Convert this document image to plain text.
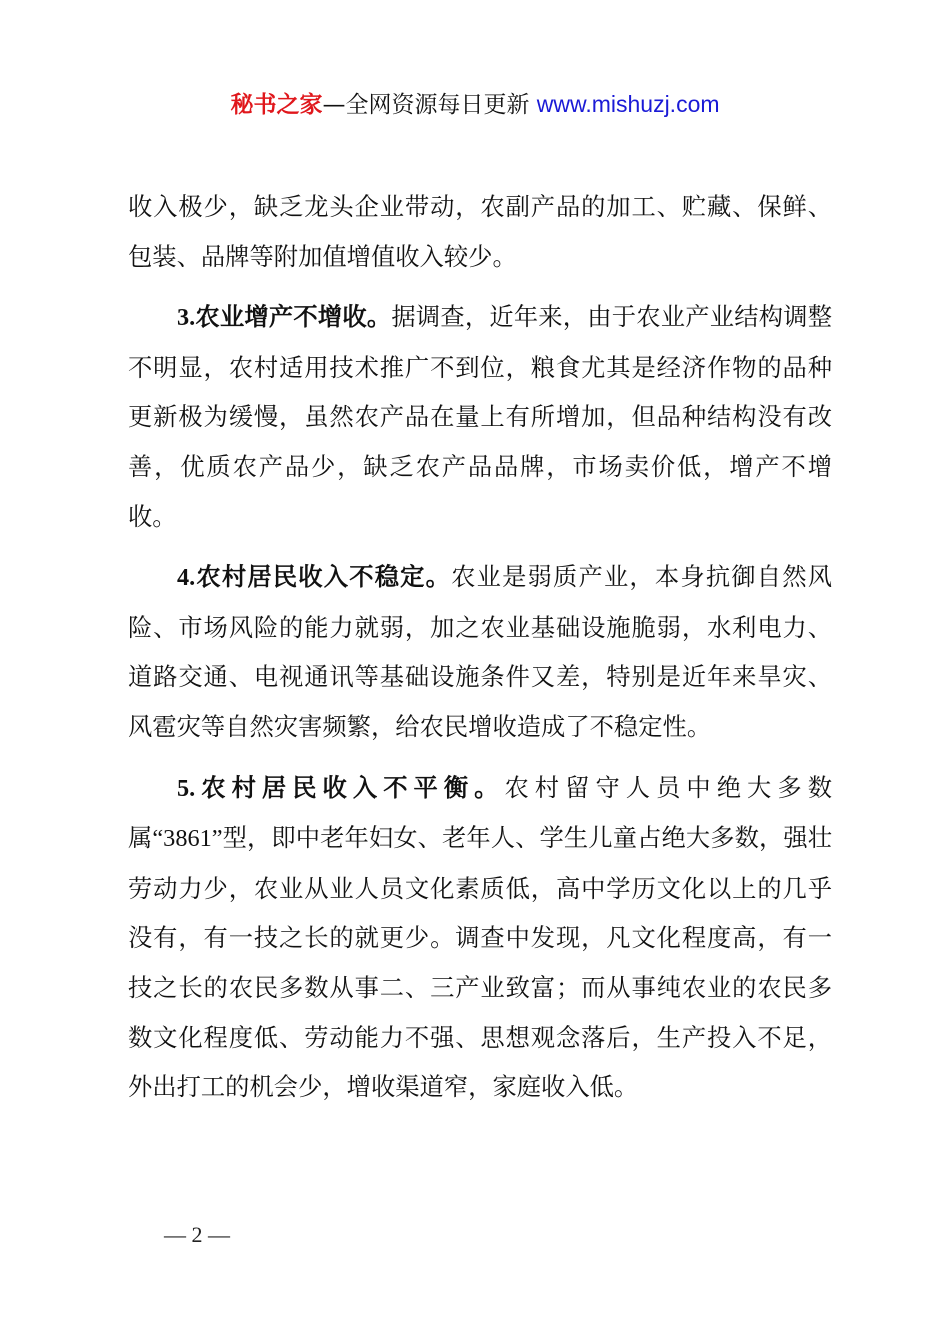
秘书之家—全网资源每日更新 www.mishuzj.com

收入极少，缺乏龙头企业带动，农副产品的加工、贮藏、保鲜、包装、品牌等附加值增值收入较少。

3.农业增产不增收。据调查，近年来，由于农业产业结构调整不明显，农村适用技术推广不到位，粮食尤其是经济作物的品种更新极为缓慢，虽然农产品在量上有所增加，但品种结构没有改善，优质农产品少，缺乏农产品品牌，市场卖价低，增产不增收。

4.农村居民收入不稳定。农业是弱质产业，本身抗御自然风险、市场风险的能力就弱，加之农业基础设施脆弱，水利电力、道路交通、电视通讯等基础设施条件又差，特别是近年来旱灾、风雹灾等自然灾害频繁，给农民增收造成了不稳定性。

5.农村居民收入不平衡。农村留守人员中绝大多数属“3861”型，即中老年妇女、老年人、学生儿童占绝大多数，强壮劳动力少，农业从业人员文化素质低，高中学历文化以上的几乎没有，有一技之长的就更少。调查中发现，凡文化程度高，有一技之长的农民多数从事二、三产业致富；而从事纯农业的农民多数文化程度低、劳动能力不强、思想观念落后，生产投入不足，外出打工的机会少，增收渠道窄，家庭收入低。

— 2 —
